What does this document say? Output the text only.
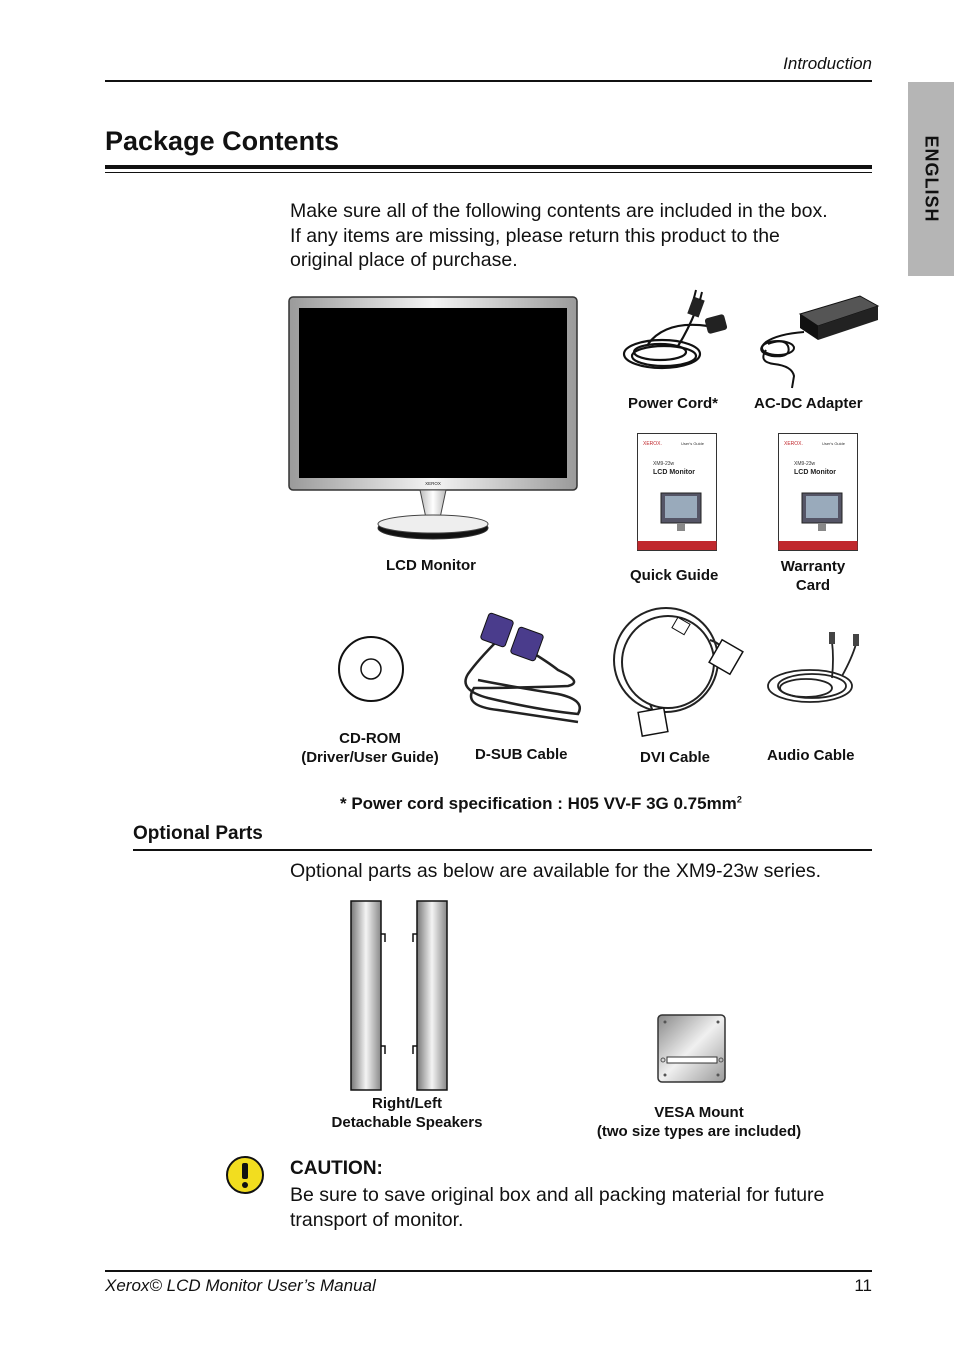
Introduction
ENGLISH
Package Contents
Make sure all of the following contents are included in the box.
If any items are missing, please return this product to the
original place of purchase.
XEROX
LCD Monitor
Power Cord* AC-DC Adapter
XEROX.	User's Guide
XM9-23w
LCD Monitor
Quick Guide
XEROX.	User's Guide
XM9-23w
LCD Monitor
Warranty
Card
CD-ROM
(Driver/User Guide)	D-SUB Cable	DVI Cable	Audio Cable
* Power cord specification : H05 VV-F 3G $0.75mm^2$
Optional Parts
Optional parts as below are available for the XM9-23w series.
Right/Left
Detachable Speakers
VESA Mount
(two size types are included)
CAUTION:
Be sure to save original box and all packing material for future
transport of monitor.
Xerox© LCD Monitor User’s Manual	11
